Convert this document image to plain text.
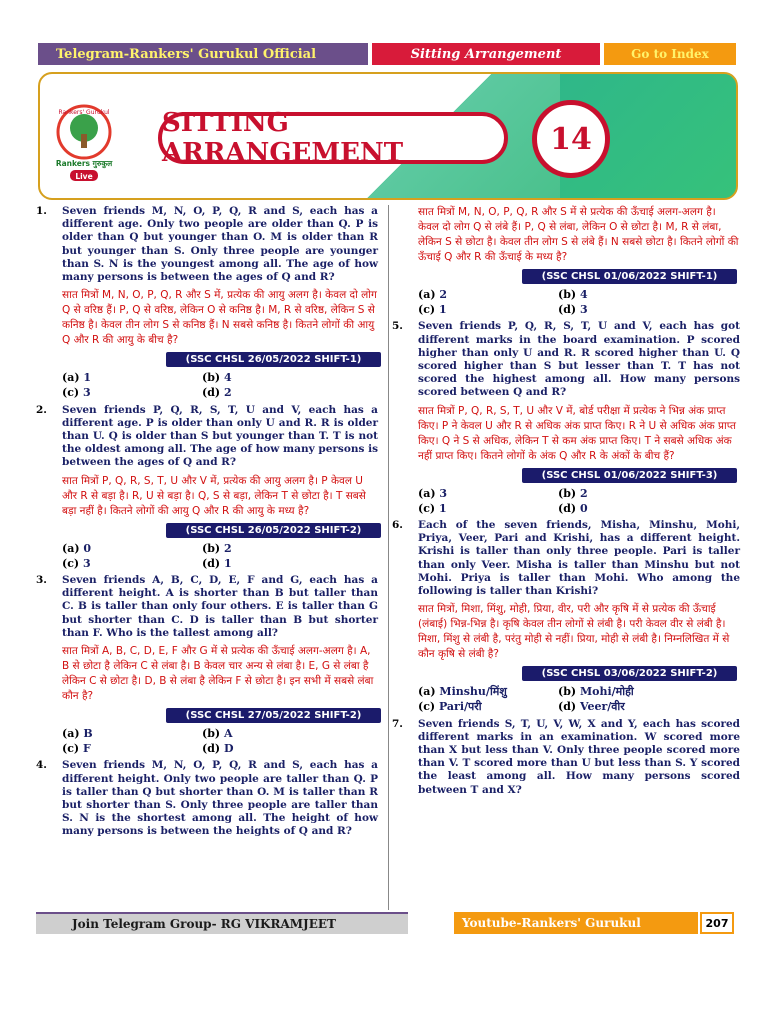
Telegram-Rankers' Gurukul Official	Sitting Arrangement	Go to Index
Rankers' Gurukul
Rankers गुरुकुल
Live
SITTING ARRANGEMENT	14
1.	Seven friends M, N, O, P, Q, R and S, each has a different age. Only two people are older than Q. P is older than Q but younger than O. M is older than R but younger than S. Only three people are younger than S. N is the youngest among all. The age of how many persons is between the ages of Q and R?
सात मित्रों M, N, O, P, Q, R और S में, प्रत्येक की आयु अलग है। केवल दो लोग Q से वरिष्ठ हैं। P, Q से वरिष्ठ, लेकिन O से कनिष्ठ है। M, R से वरिष्ठ, लेकिन S से कनिष्ठ है। केवल तीन लोग S से कनिष्ठ हैं। N सबसे कनिष्ठ है। कितने लोगों की आयु Q और R की आयु के बीच है?
(SSC CHSL 26/05/2022 SHIFT-1)
(a) 1	(b) 4
(c) 3	(d) 2
2.	Seven friends P, Q, R, S, T, U and V, each has a different age. P is older than only U and R. R is older than U. Q is older than S but younger than T. T is not the oldest among all. The age of how many persons is between the ages of Q and R?
सात मित्रों P, Q, R, S, T, U और V में, प्रत्येक की आयु अलग है। P केवल U और R से बड़ा है। R, U से बड़ा है। Q, S से बड़ा, लेकिन T से छोटा है। T सबसे बड़ा नहीं है। कितने लोगों की आयु Q और R की आयु के मध्य है?
(SSC CHSL 26/05/2022 SHIFT-2)
(a) 0	(b) 2
(c) 3	(d) 1
3.	Seven friends A, B, C, D, E, F and G, each has a different height. A is shorter than B but taller than C. B is taller than only four others. E is taller than G but shorter than C. D is taller than B but shorter than F. Who is the tallest among all?
सात मित्रों A, B, C, D, E, F और G में से प्रत्येक की ऊँचाई अलग-अलग है। A, B से छोटा है लेकिन C से लंबा है। B केवल चार अन्य से लंबा है। E, G से लंबा है लेकिन C से छोटा है। D, B से लंबा है लेकिन F से छोटा है। इन सभी में सबसे लंबा कौन है?
(SSC CHSL 27/05/2022 SHIFT-2)
(a) B	(b) A
(c) F	(d) D
4.	Seven friends M, N, O, P, Q, R and S, each has a different height. Only two people are taller than Q. P is taller than Q but shorter than O. M is taller than R but shorter than S. Only three people are taller than S. N is the shortest among all. The height of how many persons is between the heights of Q and R?
सात मित्रों M, N, O, P, Q, R और S में से प्रत्येक की ऊँचाई अलग-अलग है। केवल दो लोग Q से लंबे हैं। P, Q से लंबा, लेकिन O से छोटा है। M, R से लंबा, लेकिन S से छोटा है। केवल तीन लोग S से लंबे हैं। N सबसे छोटा है। कितने लोगों की ऊँचाई Q और R की ऊँचाई के मध्य है?
(SSC CHSL 01/06/2022 SHIFT-1)
(a) 2	(b) 4
(c) 1	(d) 3
5.	Seven friends P, Q, R, S, T, U and V, each has got different marks in the board examination. P scored higher than only U and R. R scored higher than U. Q scored higher than S but lesser than T. T has not scored the highest among all. How many persons scored between Q and R?
सात मित्रों P, Q, R, S, T, U और V में, बोर्ड परीक्षा में प्रत्येक ने भिन्न अंक प्राप्त किए। P ने केवल U और R से अधिक अंक प्राप्त किए। R ने U से अधिक अंक प्राप्त किए। Q ने S से अधिक, लेकिन T से कम अंक प्राप्त किए। T ने सबसे अधिक अंक नहीं प्राप्त किए। कितने लोगों के अंक Q और R के अंकों के बीच हैं?
(SSC CHSL 01/06/2022 SHIFT-3)
(a) 3	(b) 2
(c) 1	(d) 0
6.	Each of the seven friends, Misha, Minshu, Mohi, Priya, Veer, Pari and Krishi, has a different height. Krishi is taller than only three people. Pari is taller than only Veer. Misha is taller than Minshu but not Mohi. Priya is taller than Mohi. Who among the following is taller than Krishi?
सात मित्रों, मिशा, मिंशु, मोही, प्रिया, वीर, परी और कृषि में से प्रत्येक की ऊँचाई (लंबाई) भिन्न-भिन्न है। कृषि केवल तीन लोगों से लंबी है। परी केवल वीर से लंबी है। मिशा, मिंशु से लंबी है, परंतु मोही से नहीं। प्रिया, मोही से लंबी है। निम्नलिखित में से कौन कृषि से लंबी है?
(SSC CHSL 03/06/2022 SHIFT-2)
(a) Minshu/मिंशु	(b) Mohi/मोही
(c) Pari/परी	(d) Veer/वीर
7.	Seven friends S, T, U, V, W, X and Y, each has scored different marks in an examination. W scored more than X but less than V. Only three people scored more than V. T scored more than U but less than S. Y scored the least among all. How many persons scored between T and X?
Join Telegram Group- RG VIKRAMJEET	Youtube-Rankers' Gurukul	207
